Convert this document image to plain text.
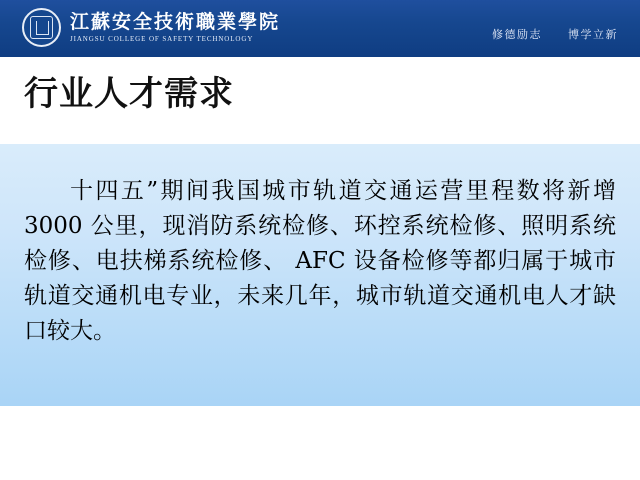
江蘇安全技術職業學院
JIANGSU COLLEGE OF SAFETY TECHNOLOGY	修德励志 博学立新
行业人才需求
十四五”期间我国城市轨道交通运营里程数将新增 3000 公里，现消防系统检修、环控系统检修、照明系统检修、电扶梯系统检修、 AFC 设备检修等都归属于城市轨道交通机电专业，未来几年，城市轨道交通机电人才缺口较大。
